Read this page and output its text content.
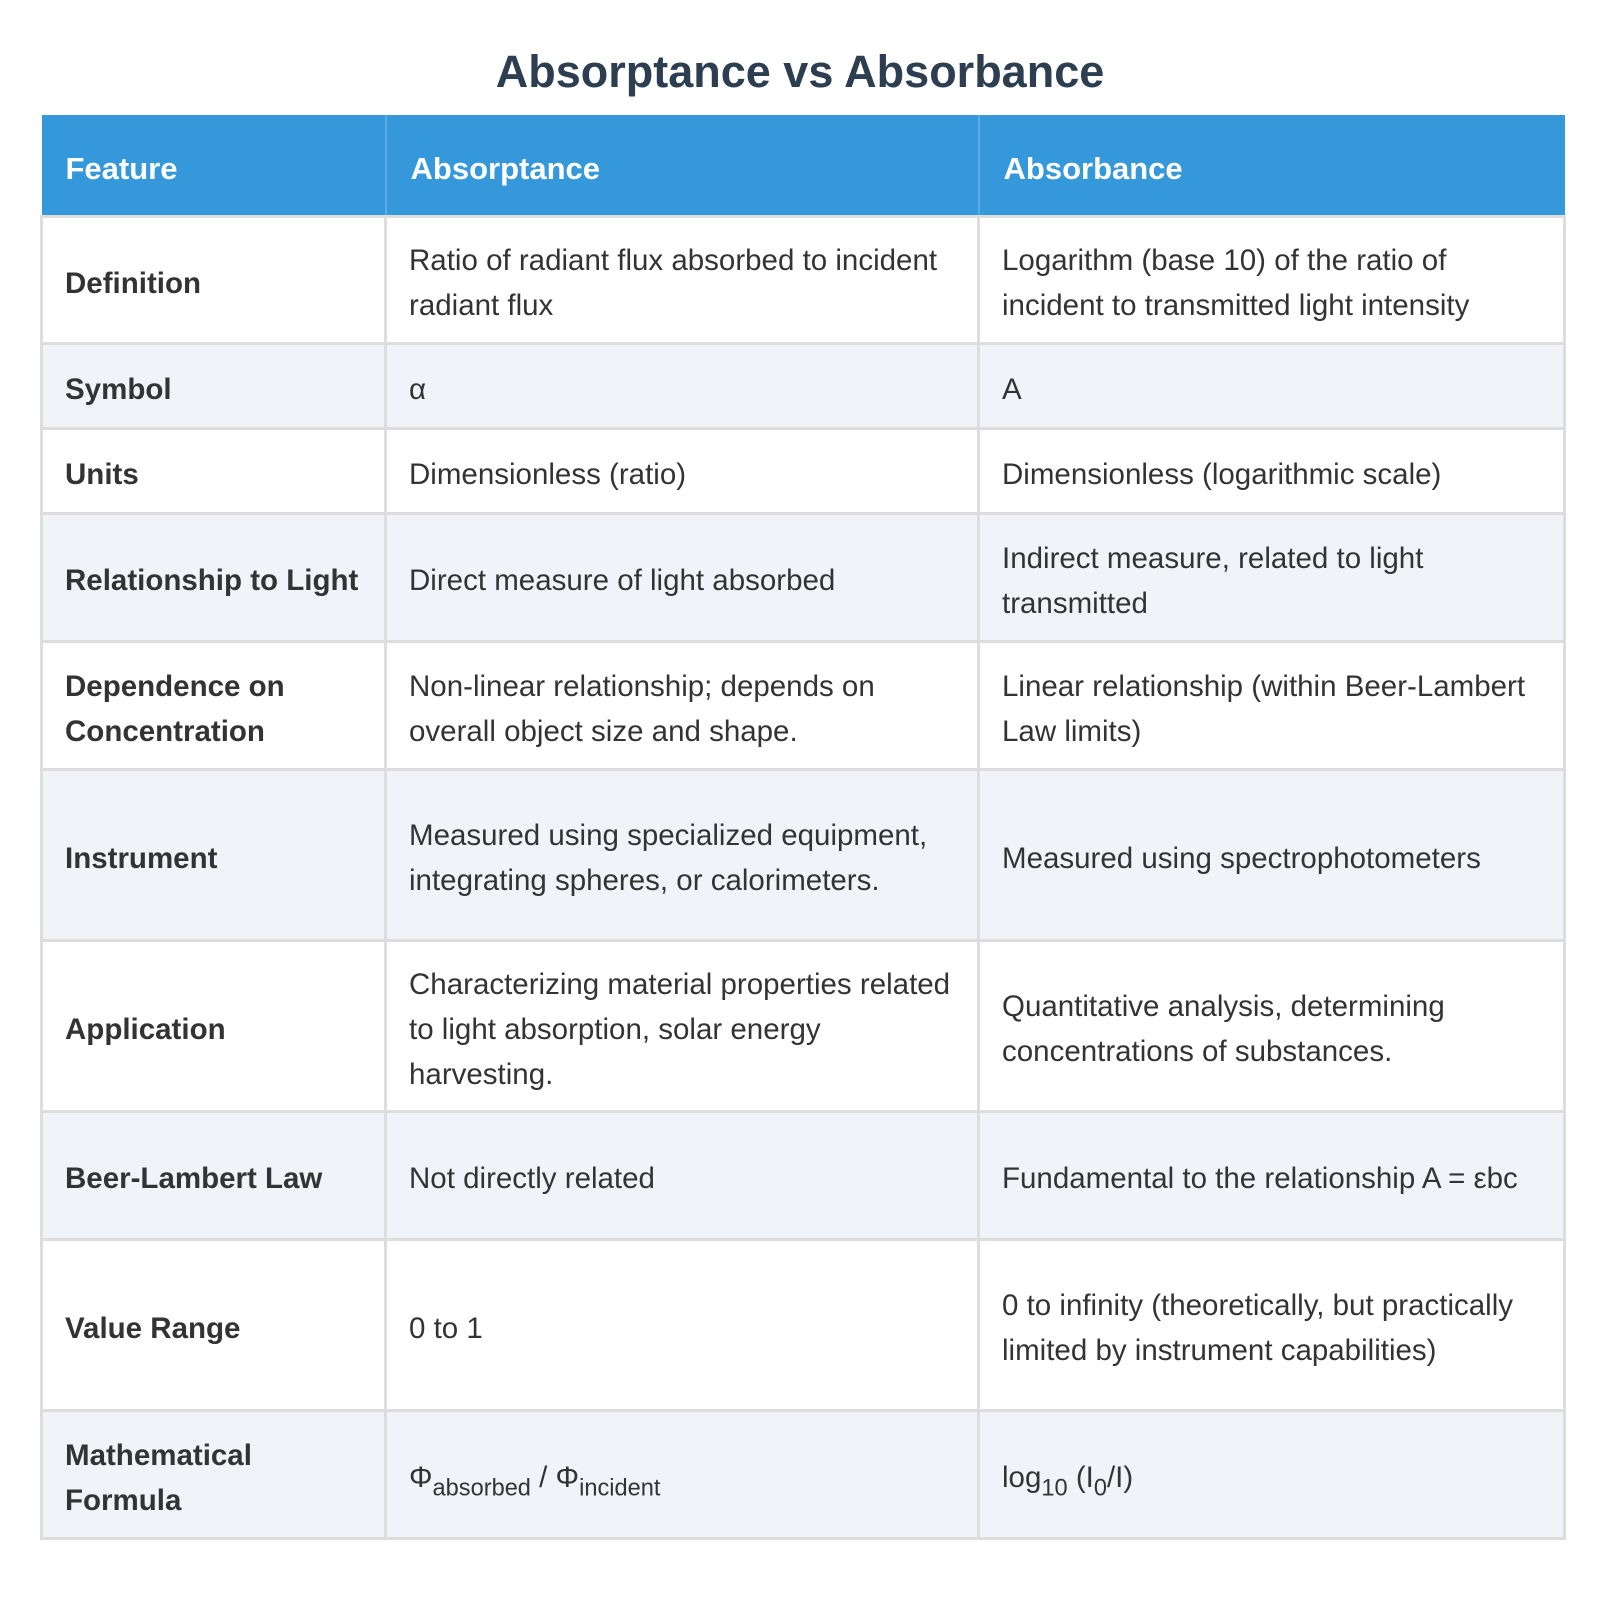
Absorptance vs Absorbance
Feature	Absorptance	Absorbance
Definition	Ratio of radiant flux absorbed to incident radiant flux	Logarithm (base 10) of the ratio of incident to transmitted light intensity
Symbol	α	A
Units	Dimensionless (ratio)	Dimensionless (logarithmic scale)
Relationship to Light	Direct measure of light absorbed	Indirect measure, related to light transmitted
Dependence on Concentration	Non-linear relationship; depends on overall object size and shape.	Linear relationship (within Beer-Lambert Law limits)
Instrument	Measured using specialized equipment, integrating spheres, or calorimeters.	Measured using spectrophotometers
Application	Characterizing material properties related to light absorption, solar energy harvesting.	Quantitative analysis, determining concentrations of substances.
Beer-Lambert Law	Not directly related	Fundamental to the relationship A = εbc
Value Range	0 to 1	0 to infinity (theoretically, but practically limited by instrument capabilities)
Mathematical Formula	$\Phi_{absorbed} / \Phi_{incident}$	$\log_{10} (I_0/I)$
